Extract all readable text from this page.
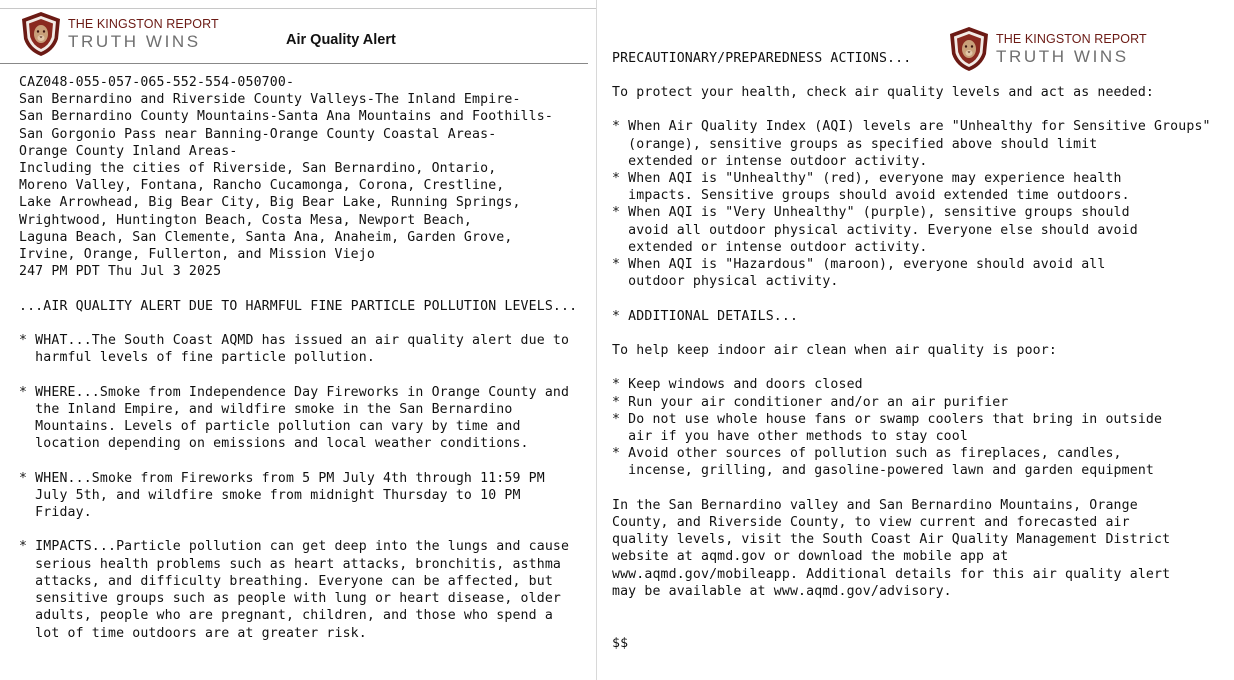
THE KINGSTON REPORT
TRUTH WINS	Air Quality Alert
CAZ048-055-057-065-552-554-050700-
San Bernardino and Riverside County Valleys-The Inland Empire-
San Bernardino County Mountains-Santa Ana Mountains and Foothills-
San Gorgonio Pass near Banning-Orange County Coastal Areas-
Orange County Inland Areas-
Including the cities of Riverside, San Bernardino, Ontario,
Moreno Valley, Fontana, Rancho Cucamonga, Corona, Crestline,
Lake Arrowhead, Big Bear City, Big Bear Lake, Running Springs,
Wrightwood, Huntington Beach, Costa Mesa, Newport Beach,
Laguna Beach, San Clemente, Santa Ana, Anaheim, Garden Grove,
Irvine, Orange, Fullerton, and Mission Viejo
247 PM PDT Thu Jul 3 2025

...AIR QUALITY ALERT DUE TO HARMFUL FINE PARTICLE POLLUTION LEVELS...

* WHAT...The South Coast AQMD has issued an air quality alert due to
harmful levels of fine particle pollution.

* WHERE...Smoke from Independence Day Fireworks in Orange County and
the Inland Empire, and wildfire smoke in the San Bernardino
Mountains. Levels of particle pollution can vary by time and
location depending on emissions and local weather conditions.

* WHEN...Smoke from Fireworks from 5 PM July 4th through 11:59 PM
July 5th, and wildfire smoke from midnight Thursday to 10 PM
Friday.

* IMPACTS...Particle pollution can get deep into the lungs and cause
serious health problems such as heart attacks, bronchitis, asthma
attacks, and difficulty breathing. Everyone can be affected, but
sensitive groups such as people with lung or heart disease, older
adults, people who are pregnant, children, and those who spend a
lot of time outdoors are at greater risk.
PRECAUTIONARY/PREPAREDNESS ACTIONS...
THE KINGSTON REPORT
TRUTH WINS
To protect your health, check air quality levels and act as needed:

* When Air Quality Index (AQI) levels are "Unhealthy for Sensitive Groups"
(orange), sensitive groups as specified above should limit
extended or intense outdoor activity.
* When AQI is "Unhealthy" (red), everyone may experience health
impacts. Sensitive groups should avoid extended time outdoors.
* When AQI is "Very Unhealthy" (purple), sensitive groups should
avoid all outdoor physical activity. Everyone else should avoid
extended or intense outdoor activity.
* When AQI is "Hazardous" (maroon), everyone should avoid all
outdoor physical activity.

* ADDITIONAL DETAILS...

To help keep indoor air clean when air quality is poor:

* Keep windows and doors closed
* Run your air conditioner and/or an air purifier
* Do not use whole house fans or swamp coolers that bring in outside
air if you have other methods to stay cool
* Avoid other sources of pollution such as fireplaces, candles,
incense, grilling, and gasoline-powered lawn and garden equipment

In the San Bernardino valley and San Bernardino Mountains, Orange
County, and Riverside County, to view current and forecasted air
quality levels, visit the South Coast Air Quality Management District
website at aqmd.gov or download the mobile app at
www.aqmd.gov/mobileapp. Additional details for this air quality alert
may be available at www.aqmd.gov/advisory.

$$
